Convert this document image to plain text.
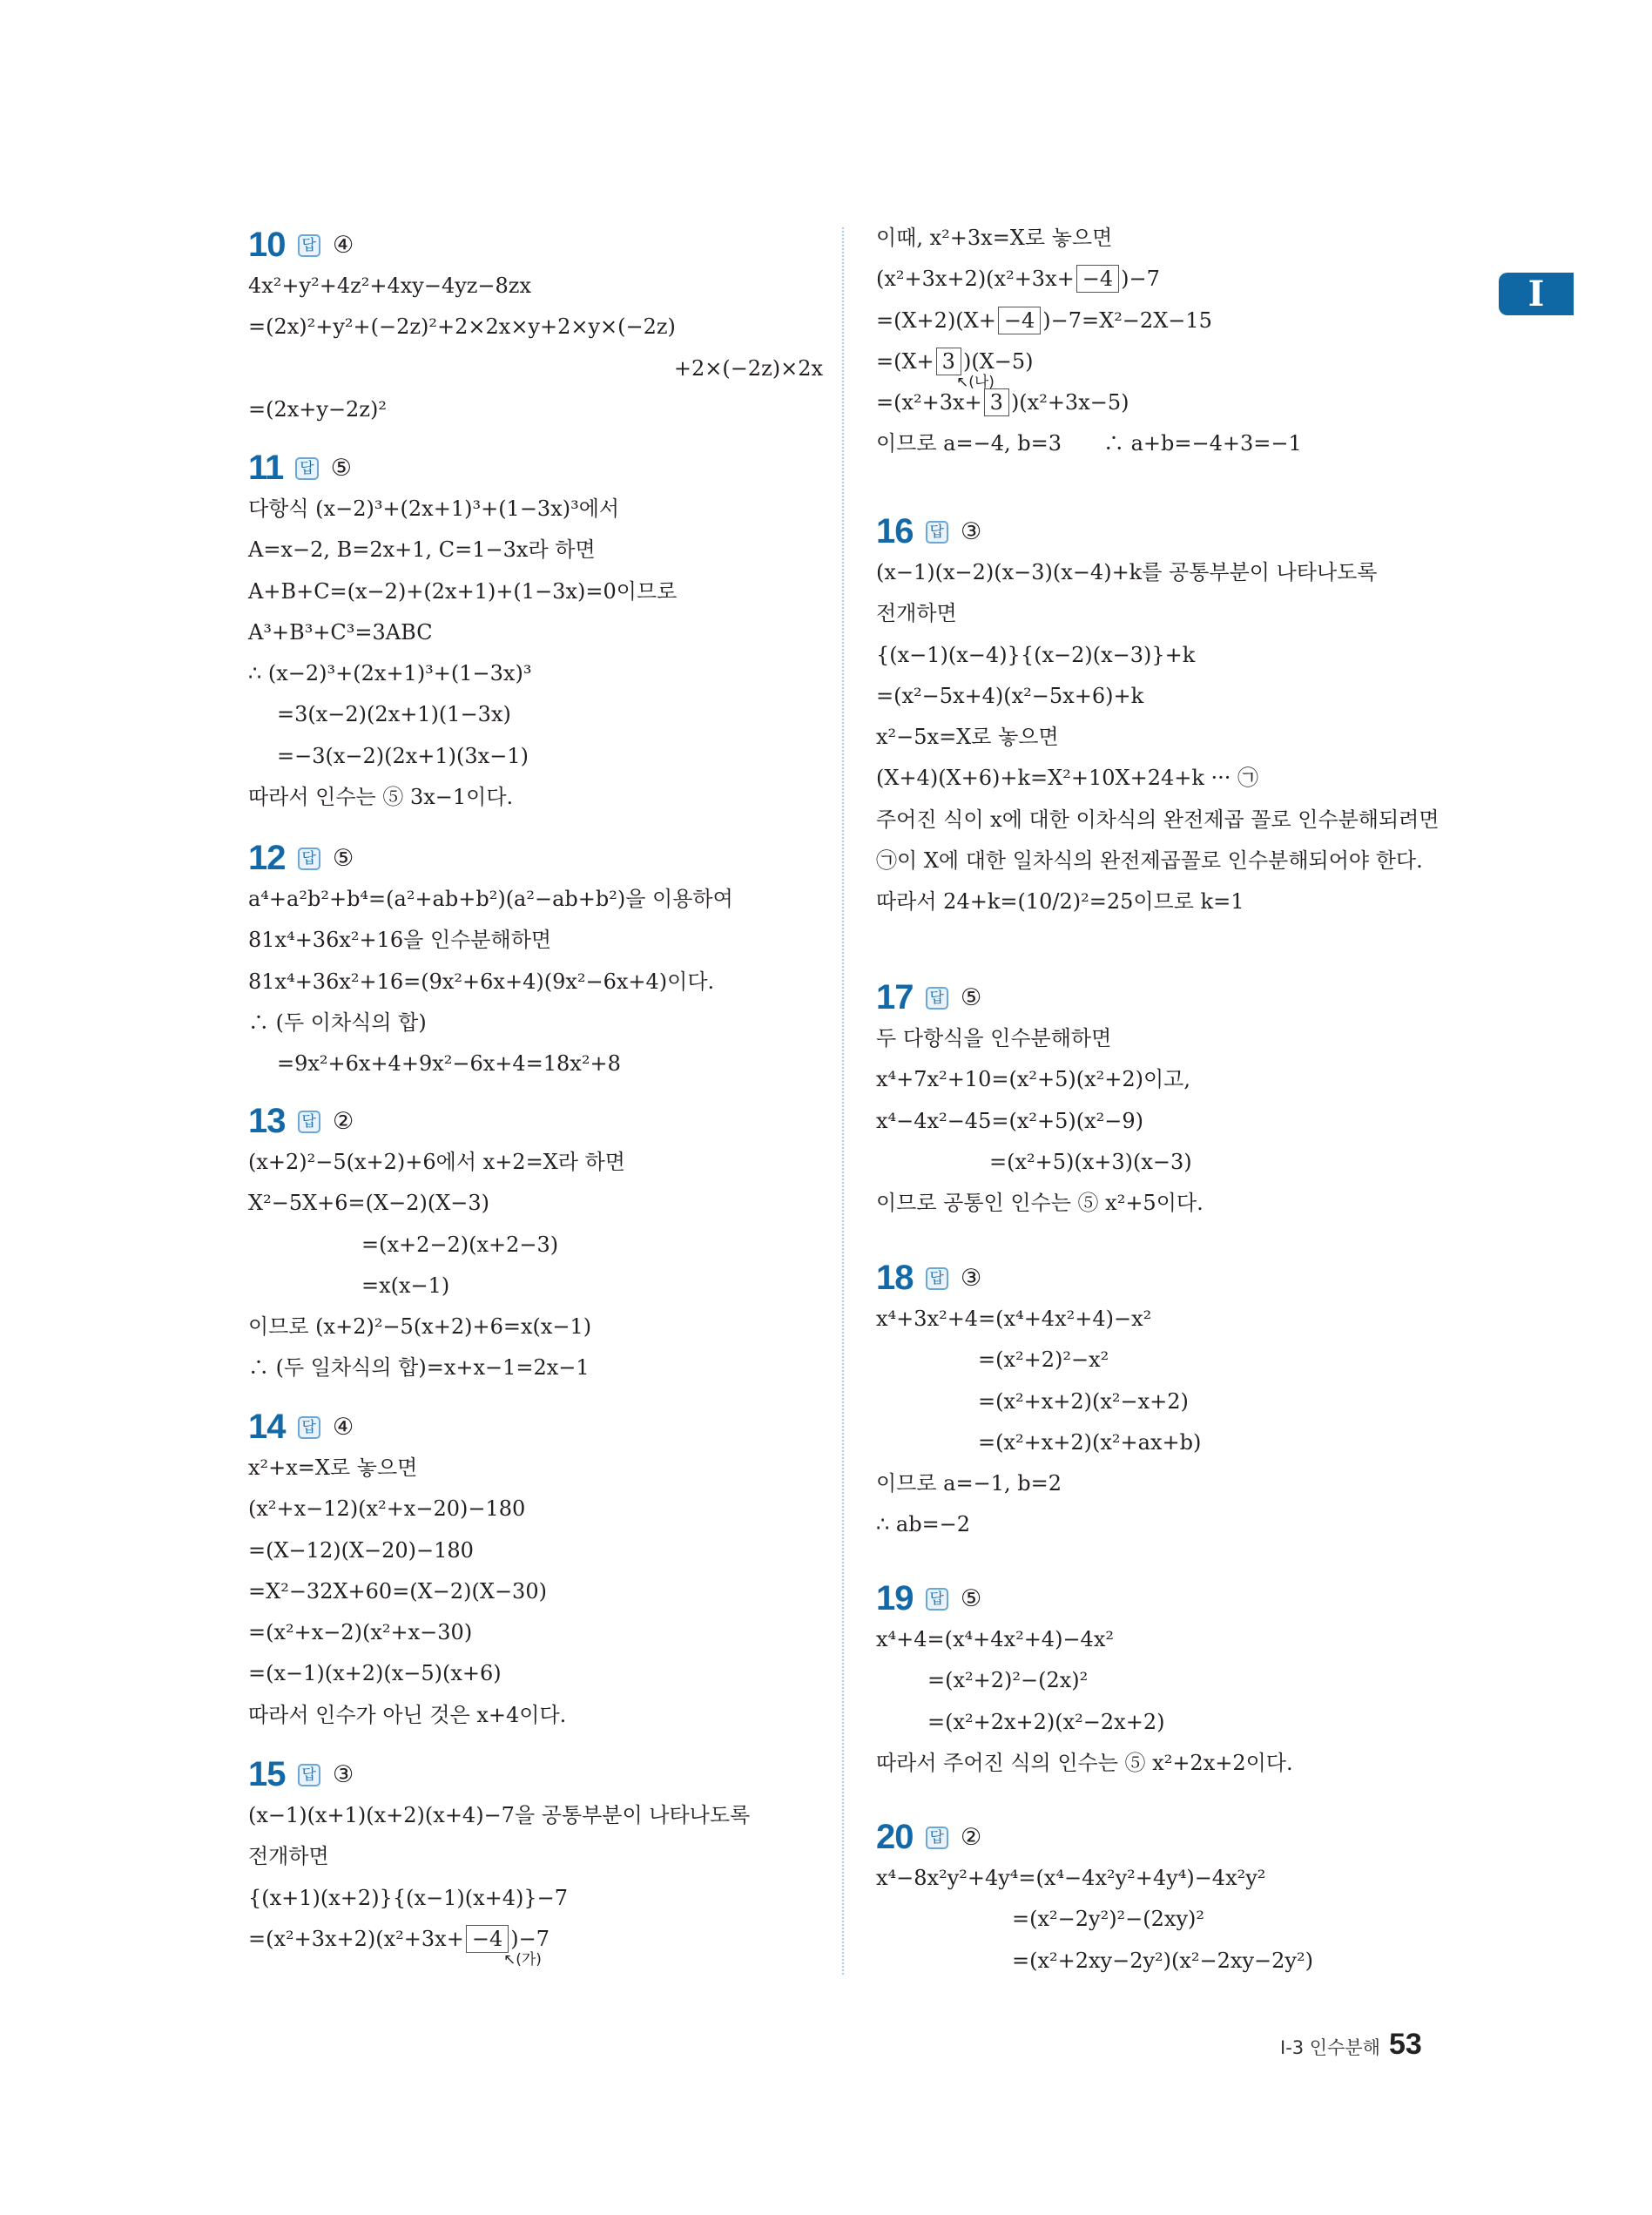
10 답 ④
4x²+y²+4z²+4xy−4yz−8zx
=(2x)²+y²+(−2z)²+2×2x×y+2×y×(−2z)
+2×(−2z)×2x
=(2x+y−2z)²
11 답 ⑤
다항식 (x−2)³+(2x+1)³+(1−3x)³에서
A=x−2, B=2x+1, C=1−3x라 하면
A+B+C=(x−2)+(2x+1)+(1−3x)=0이므로
A³+B³+C³=3ABC
∴ (x−2)³+(2x+1)³+(1−3x)³
=3(x−2)(2x+1)(1−3x)
=−3(x−2)(2x+1)(3x−1)
따라서 인수는 ⑤ 3x−1이다.
12 답 ⑤
a⁴+a²b²+b⁴=(a²+ab+b²)(a²−ab+b²)을 이용하여
81x⁴+36x²+16을 인수분해하면
81x⁴+36x²+16=(9x²+6x+4)(9x²−6x+4)이다.
∴ (두 이차식의 합)
=9x²+6x+4+9x²−6x+4=18x²+8
13 답 ②
(x+2)²−5(x+2)+6에서 x+2=X라 하면
X²−5X+6=(X−2)(X−3)
=(x+2−2)(x+2−3)
=x(x−1)
이므로 (x+2)²−5(x+2)+6=x(x−1)
∴ (두 일차식의 합)=x+x−1=2x−1
14 답 ④
x²+x=X로 놓으면
(x²+x−12)(x²+x−20)−180
=(X−12)(X−20)−180
=X²−32X+60=(X−2)(X−30)
=(x²+x−2)(x²+x−30)
=(x−1)(x+2)(x−5)(x+6)
따라서 인수가 아닌 것은 x+4이다.
15 답 ③
(x−1)(x+1)(x+2)(x+4)−7을 공통부분이 나타나도록
전개하면
{(x+1)(x+2)}{(x−1)(x+4)}−7
=(x²+3x+2)(x²+3x+ −4 )−7
↖(가)
이때, x²+3x=X로 놓으면
(x²+3x+2)(x²+3x+ −4 )−7
=(X+2)(X+ −4 )−7=X²−2X−15
=(X+ 3 )(X−5)
↖(나)
=(x²+3x+ 3 )(x²+3x−5)
이므로 a=−4, b=3　　∴ a+b=−4+3=−1
16 답 ③
(x−1)(x−2)(x−3)(x−4)+k를 공통부분이 나타나도록
전개하면
{(x−1)(x−4)}{(x−2)(x−3)}+k
=(x²−5x+4)(x²−5x+6)+k
x²−5x=X로 놓으면
(X+4)(X+6)+k=X²+10X+24+k ··· ㉠
주어진 식이 x에 대한 이차식의 완전제곱 꼴로 인수분해되려면
㉠이 X에 대한 일차식의 완전제곱꼴로 인수분해되어야 한다.
따라서 24+k=(10/2)²=25이므로 k=1
17 답 ⑤
두 다항식을 인수분해하면
x⁴+7x²+10=(x²+5)(x²+2)이고,
x⁴−4x²−45=(x²+5)(x²−9)
=(x²+5)(x+3)(x−3)
이므로 공통인 인수는 ⑤ x²+5이다.
18 답 ③
x⁴+3x²+4=(x⁴+4x²+4)−x²
=(x²+2)²−x²
=(x²+x+2)(x²−x+2)
=(x²+x+2)(x²+ax+b)
이므로 a=−1, b=2
∴ ab=−2
19 답 ⑤
x⁴+4=(x⁴+4x²+4)−4x²
=(x²+2)²−(2x)²
=(x²+2x+2)(x²−2x+2)
따라서 주어진 식의 인수는 ⑤ x²+2x+2이다.
20 답 ②
x⁴−8x²y²+4y⁴=(x⁴−4x²y²+4y⁴)−4x²y²
=(x²−2y²)²−(2xy)²
=(x²+2xy−2y²)(x²−2xy−2y²)
Ⅰ
Ⅰ-3 인수분해 53
